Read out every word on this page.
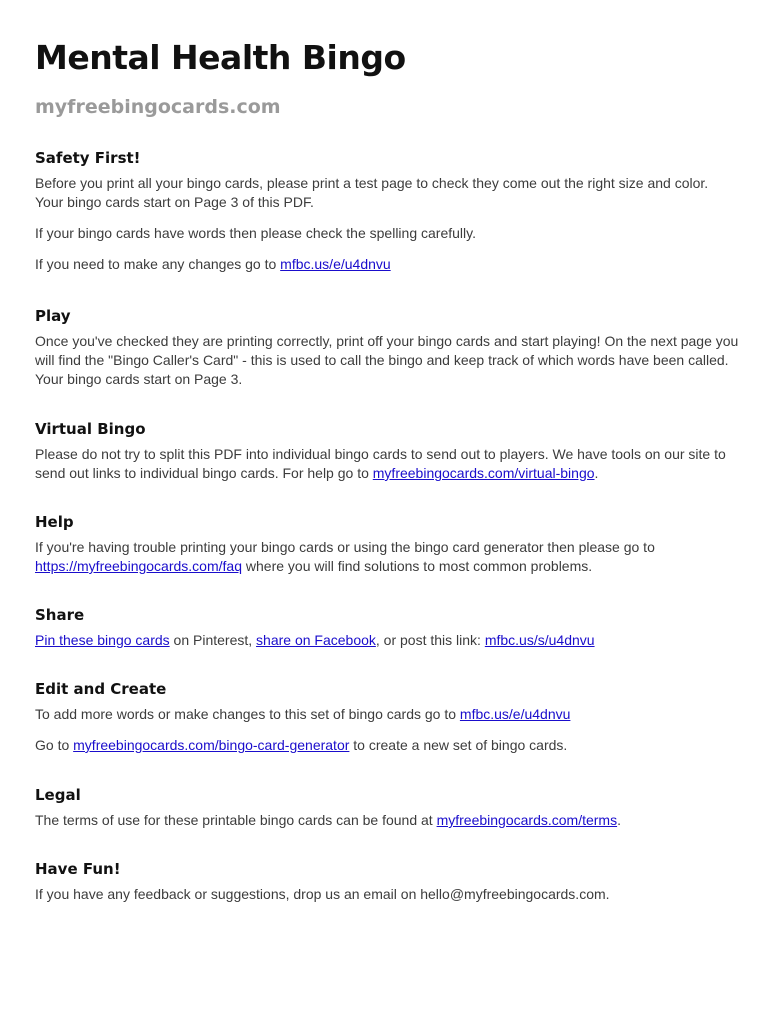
Mental Health Bingo
myfreebingocards.com
Safety First!

Before you print all your bingo cards, please print a test page to check they come out the right size and color. Your bingo cards start on Page 3 of this PDF.

If your bingo cards have words then please check the spelling carefully.

If you need to make any changes go to mfbc.us/e/u4dnvu

Play

Once you've checked they are printing correctly, print off your bingo cards and start playing! On the next page you will find the "Bingo Caller's Card" - this is used to call the bingo and keep track of which words have been called. Your bingo cards start on Page 3.

Virtual Bingo

Please do not try to split this PDF into individual bingo cards to send out to players. We have tools on our site to send out links to individual bingo cards. For help go to myfreebingocards.com/virtual-bingo.

Help

If you're having trouble printing your bingo cards or using the bingo card generator then please go to https://myfreebingocards.com/faq where you will find solutions to most common problems.

Share

Pin these bingo cards on Pinterest, share on Facebook, or post this link: mfbc.us/s/u4dnvu

Edit and Create

To add more words or make changes to this set of bingo cards go to mfbc.us/e/u4dnvu

Go to myfreebingocards.com/bingo-card-generator to create a new set of bingo cards.

Legal

The terms of use for these printable bingo cards can be found at myfreebingocards.com/terms.

Have Fun!

If you have any feedback or suggestions, drop us an email on hello@myfreebingocards.com.
